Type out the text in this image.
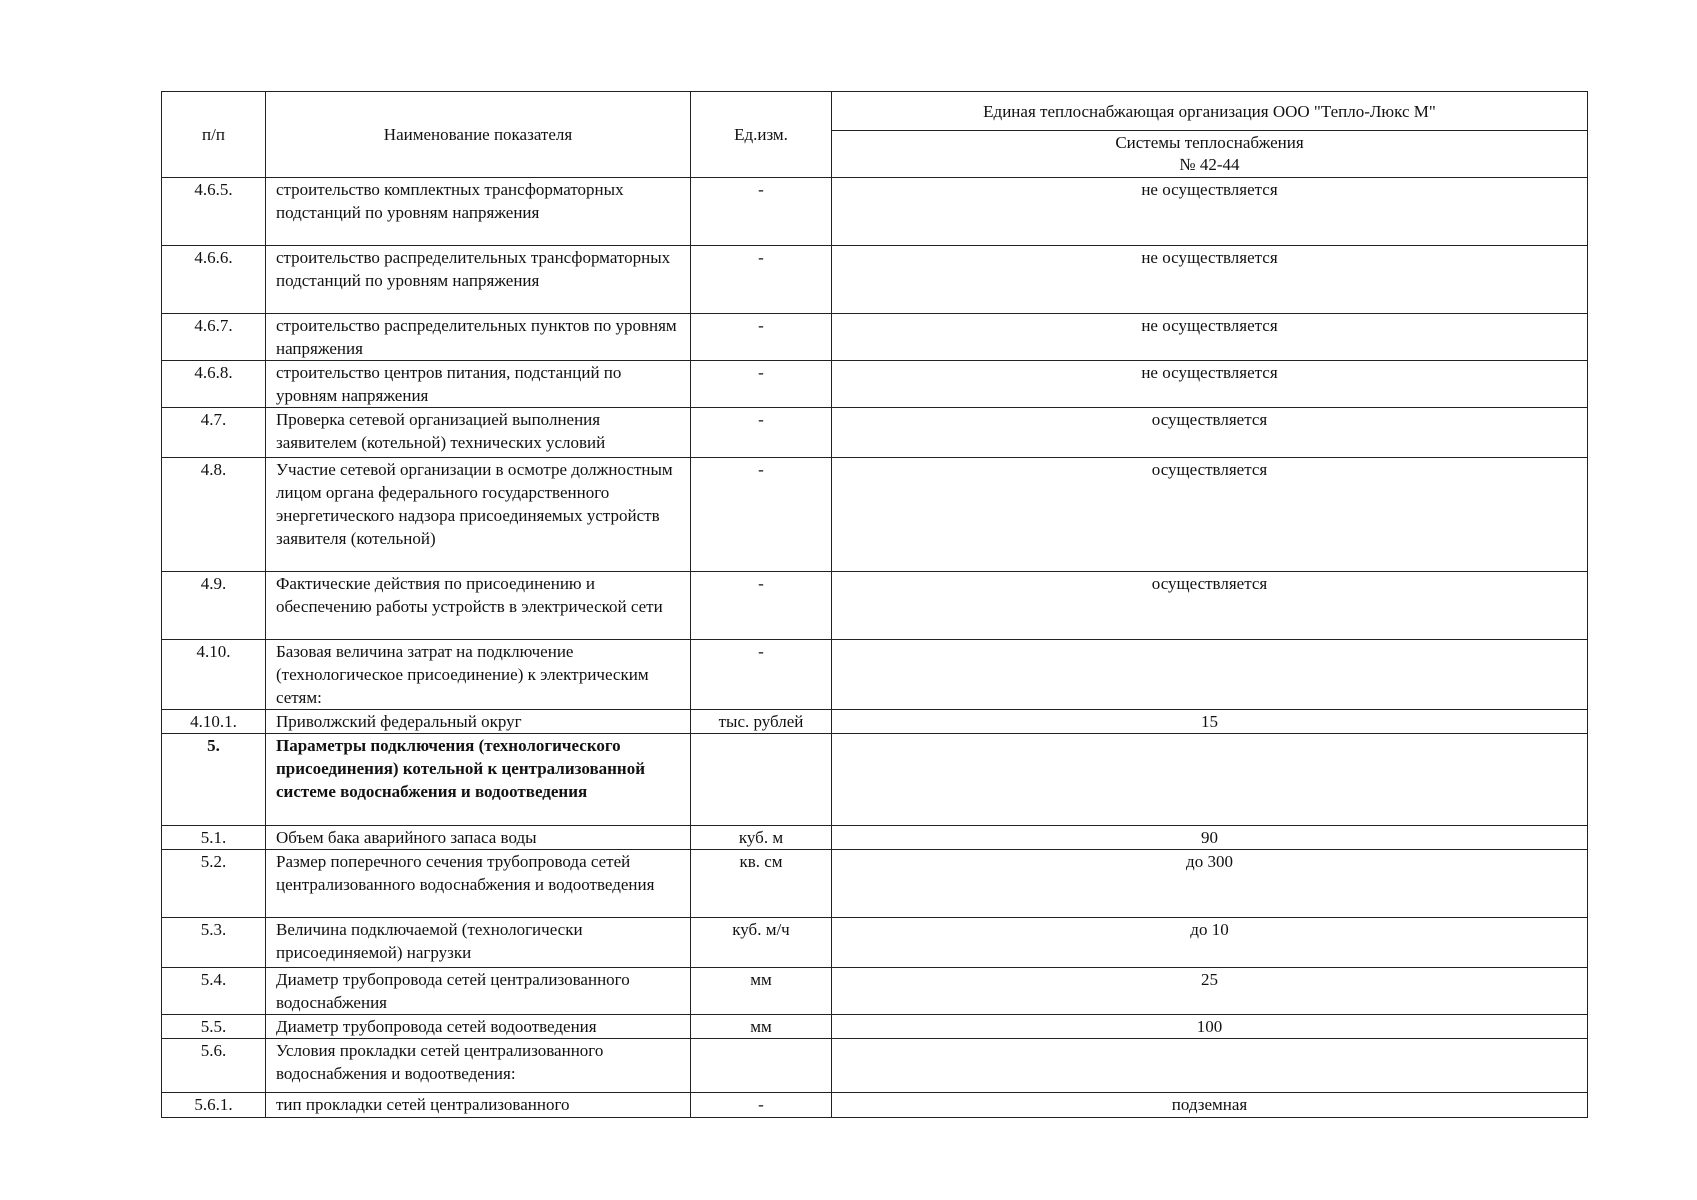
п/п	Наименование показателя	Ед.изм.	Единая теплоснабжающая организация ООО "Тепло-Люкс М"
			Системы теплоснабжения
№ 42-44
4.6.5.	строительство комплектных трансформаторных подстанций по уровням напряжения	-	не осуществляется
4.6.6.	строительство распределительных трансформаторных подстанций по уровням напряжения	-	не осуществляется
4.6.7.	строительство распределительных пунктов по уровням напряжения	-	не осуществляется
4.6.8.	строительство центров питания, подстанций по уровням напряжения	-	не осуществляется
4.7.	Проверка сетевой организацией выполнения заявителем (котельной) технических условий	-	осуществляется
4.8.	Участие сетевой организации в осмотре должностным лицом органа федерального государственного энергетического надзора присоединяемых устройств заявителя (котельной)	-	осуществляется
4.9.	Фактические действия по присоединению и обеспечению работы устройств в электрической сети	-	осуществляется
4.10.	Базовая величина затрат на подключение (технологическое присоединение) к электрическим сетям:	-	
4.10.1.	Приволжский федеральный округ	тыс. рублей	15
5.	Параметры подключения (технологического присоединения) котельной к централизованной системе водоснабжения и водоотведения		
5.1.	Объем бака аварийного запаса воды	куб. м	90
5.2.	Размер поперечного сечения трубопровода сетей централизованного водоснабжения и водоотведения	кв. см	до 300
5.3.	Величина подключаемой (технологически присоединяемой) нагрузки	куб. м/ч	до 10
5.4.	Диаметр трубопровода сетей централизованного водоснабжения	мм	25
5.5.	Диаметр трубопровода сетей водоотведения	мм	100
5.6.	Условия прокладки сетей централизованного водоснабжения и водоотведения:		
5.6.1.	тип прокладки сетей централизованного	-	подземная
